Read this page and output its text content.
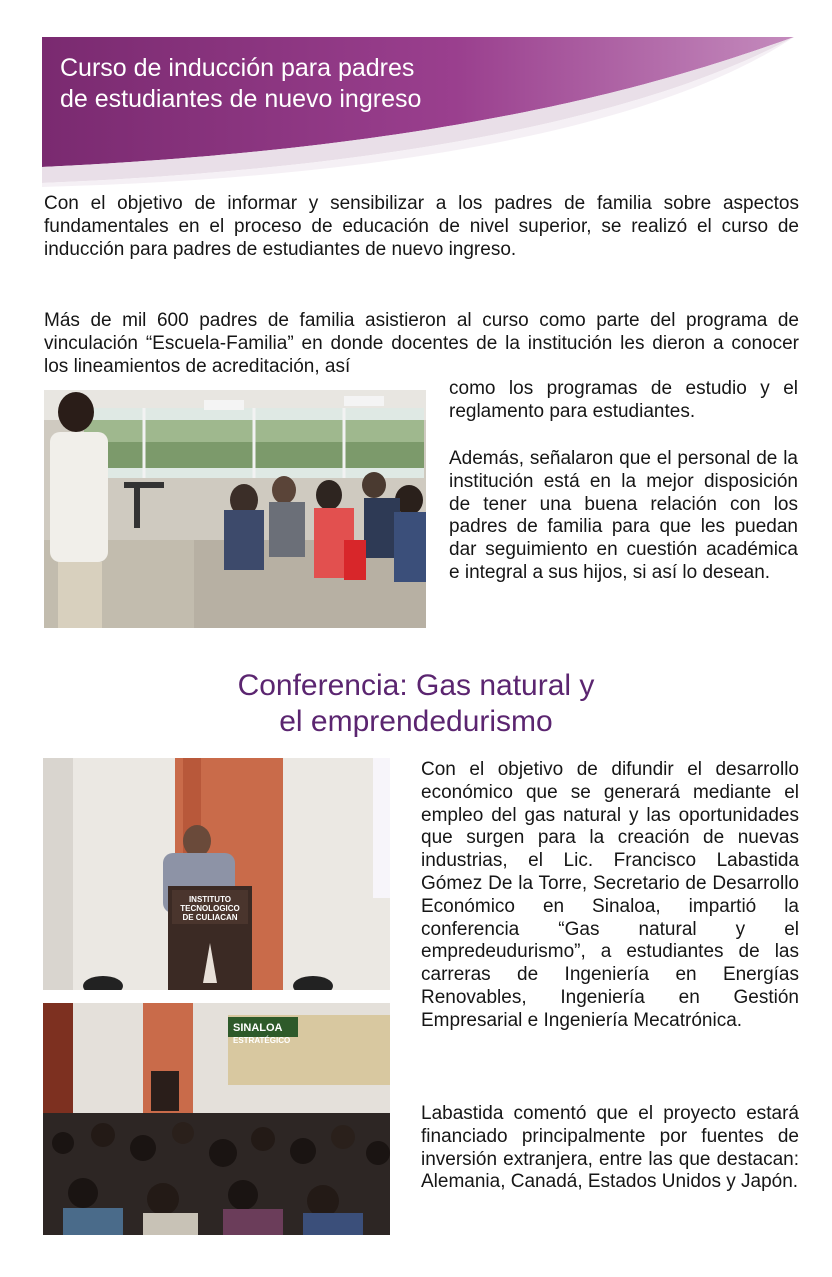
Curso de inducción para padres
de estudiantes de nuevo ingreso

Con el objetivo de informar y sensibilizar a los padres de familia sobre aspectos fundamentales en el proceso de educación de nivel superior, se realizó el curso de inducción para padres de estudiantes de nuevo ingreso.

Más de mil 600 padres de familia asistieron al curso como parte del programa de vinculación “Escuela-Familia” en donde docentes de la institución les dieron a conocer los lineamientos de acreditación, así

como los programas de estudio y el reglamento para estudiantes.

Además, señalaron que el personal de la institución está en la mejor disposición de tener una buena relación con los padres de familia para que les puedan dar seguimiento en cuestión académica e integral a sus hijos, si así lo desean.

Conferencia: Gas natural y
el emprendedurismo
INSTITUTO
TECNOLOGICO
DE CULIACAN
SINALOA
ESTRATÉGICO

Con el objetivo de difundir el desarrollo económico que se generará mediante el empleo del gas natural y las oportunidades que surgen para la creación de nuevas industrias, el Lic. Francisco Labastida Gómez De la Torre, Secretario de Desarrollo Económico en Sinaloa, impartió la conferencia “Gas natural y el empredeudurismo”, a estudiantes de las carreras de Ingeniería en Energías Renovables, Ingeniería en Gestión Empresarial e Ingeniería Mecatrónica.

Labastida comentó que el proyecto estará financiado principalmente por fuentes de inversión extranjera, entre las que destacan: Alemania, Canadá, Estados Unidos y Japón.
